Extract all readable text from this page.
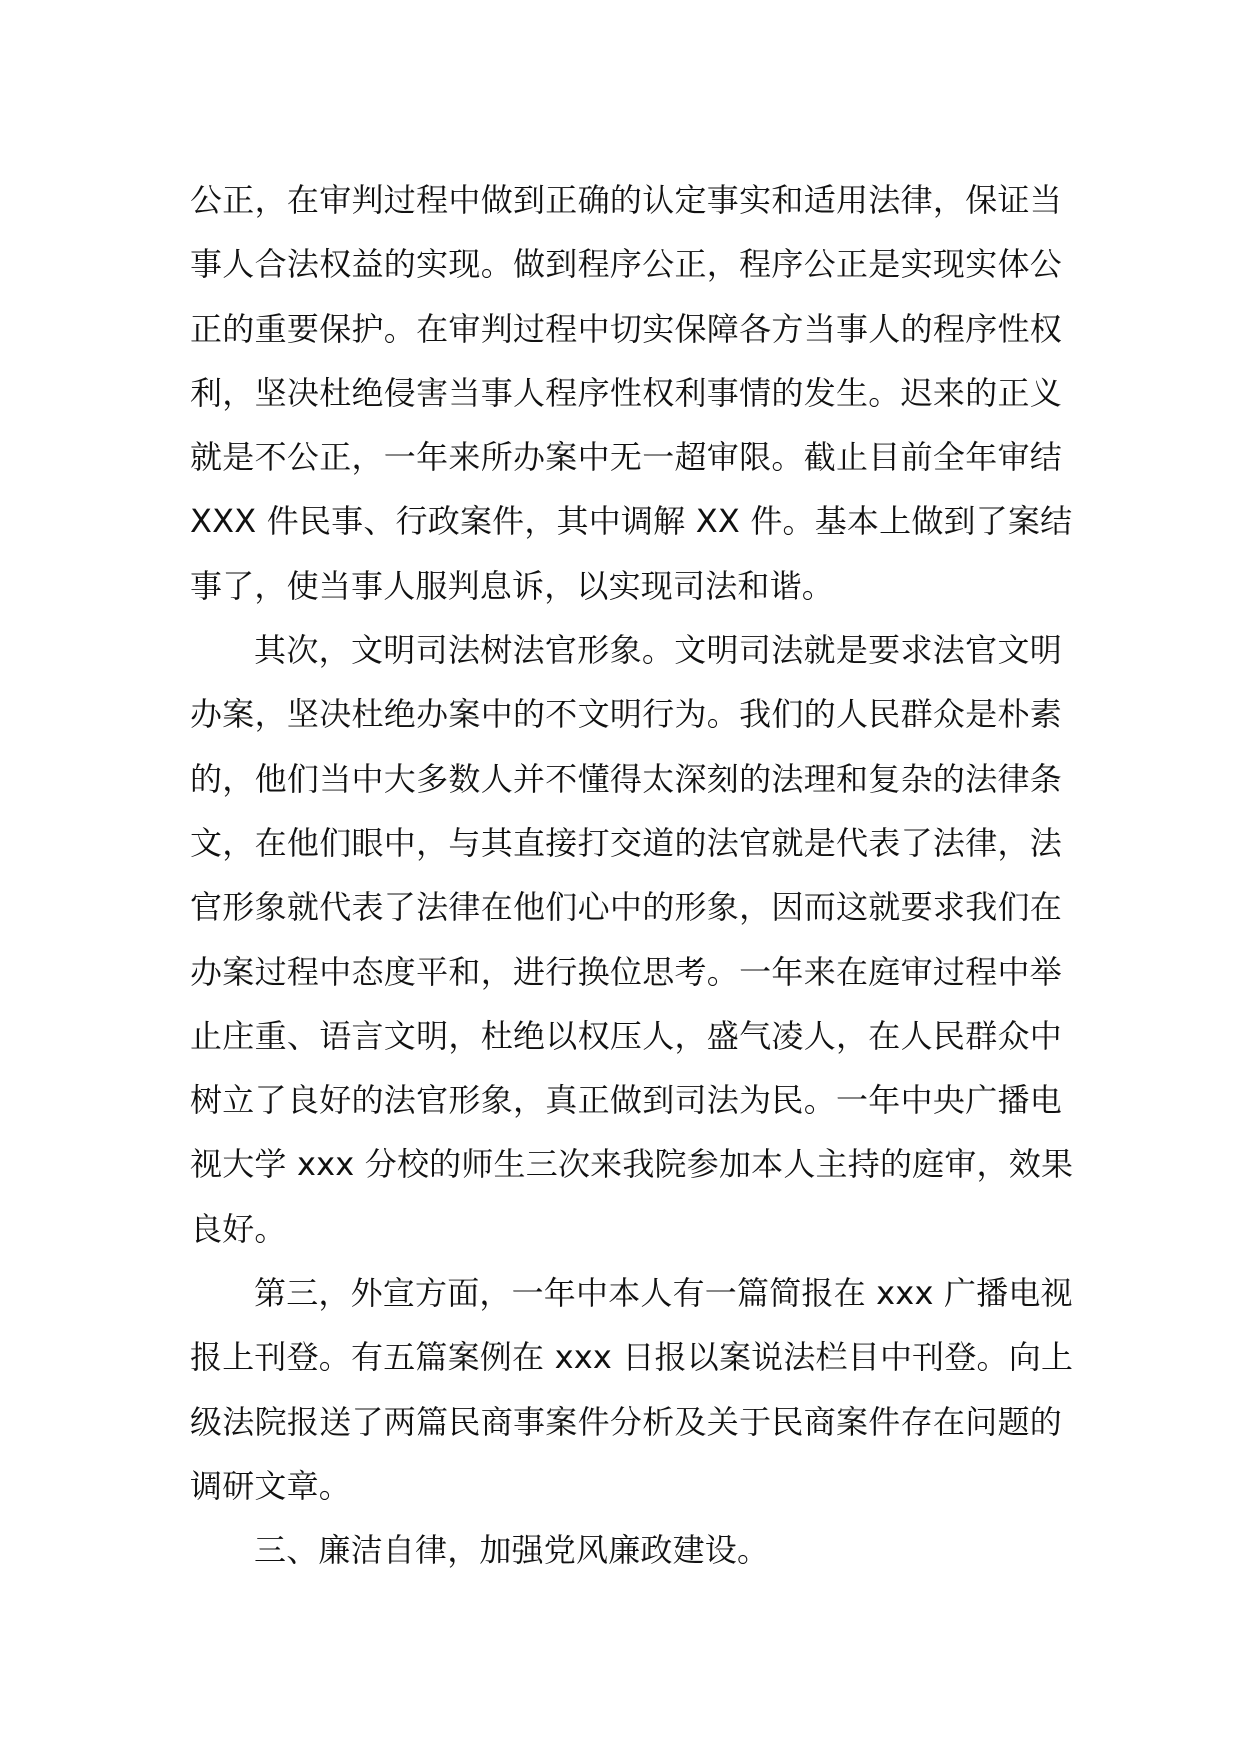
公正，在审判过程中做到正确的认定事实和适用法律，保证当
事人合法权益的实现。做到程序公正，程序公正是实现实体公
正的重要保护。在审判过程中切实保障各方当事人的程序性权
利，坚决杜绝侵害当事人程序性权利事情的发生。迟来的正义
就是不公正，一年来所办案中无一超审限。截止目前全年审结
XXX 件民事、行政案件，其中调解 XX 件。基本上做到了案结
事了，使当事人服判息诉，以实现司法和谐。
其次，文明司法树法官形象。文明司法就是要求法官文明
办案，坚决杜绝办案中的不文明行为。我们的人民群众是朴素
的，他们当中大多数人并不懂得太深刻的法理和复杂的法律条
文，在他们眼中，与其直接打交道的法官就是代表了法律，法
官形象就代表了法律在他们心中的形象，因而这就要求我们在
办案过程中态度平和，进行换位思考。一年来在庭审过程中举
止庄重、语言文明，杜绝以权压人，盛气凌人，在人民群众中
树立了良好的法官形象，真正做到司法为民。一年中央广播电
视大学 xxx 分校的师生三次来我院参加本人主持的庭审，效果
良好。
第三，外宣方面，一年中本人有一篇简报在 xxx 广播电视
报上刊登。有五篇案例在 xxx 日报以案说法栏目中刊登。向上
级法院报送了两篇民商事案件分析及关于民商案件存在问题的
调研文章。
三、廉洁自律，加强党风廉政建设。
